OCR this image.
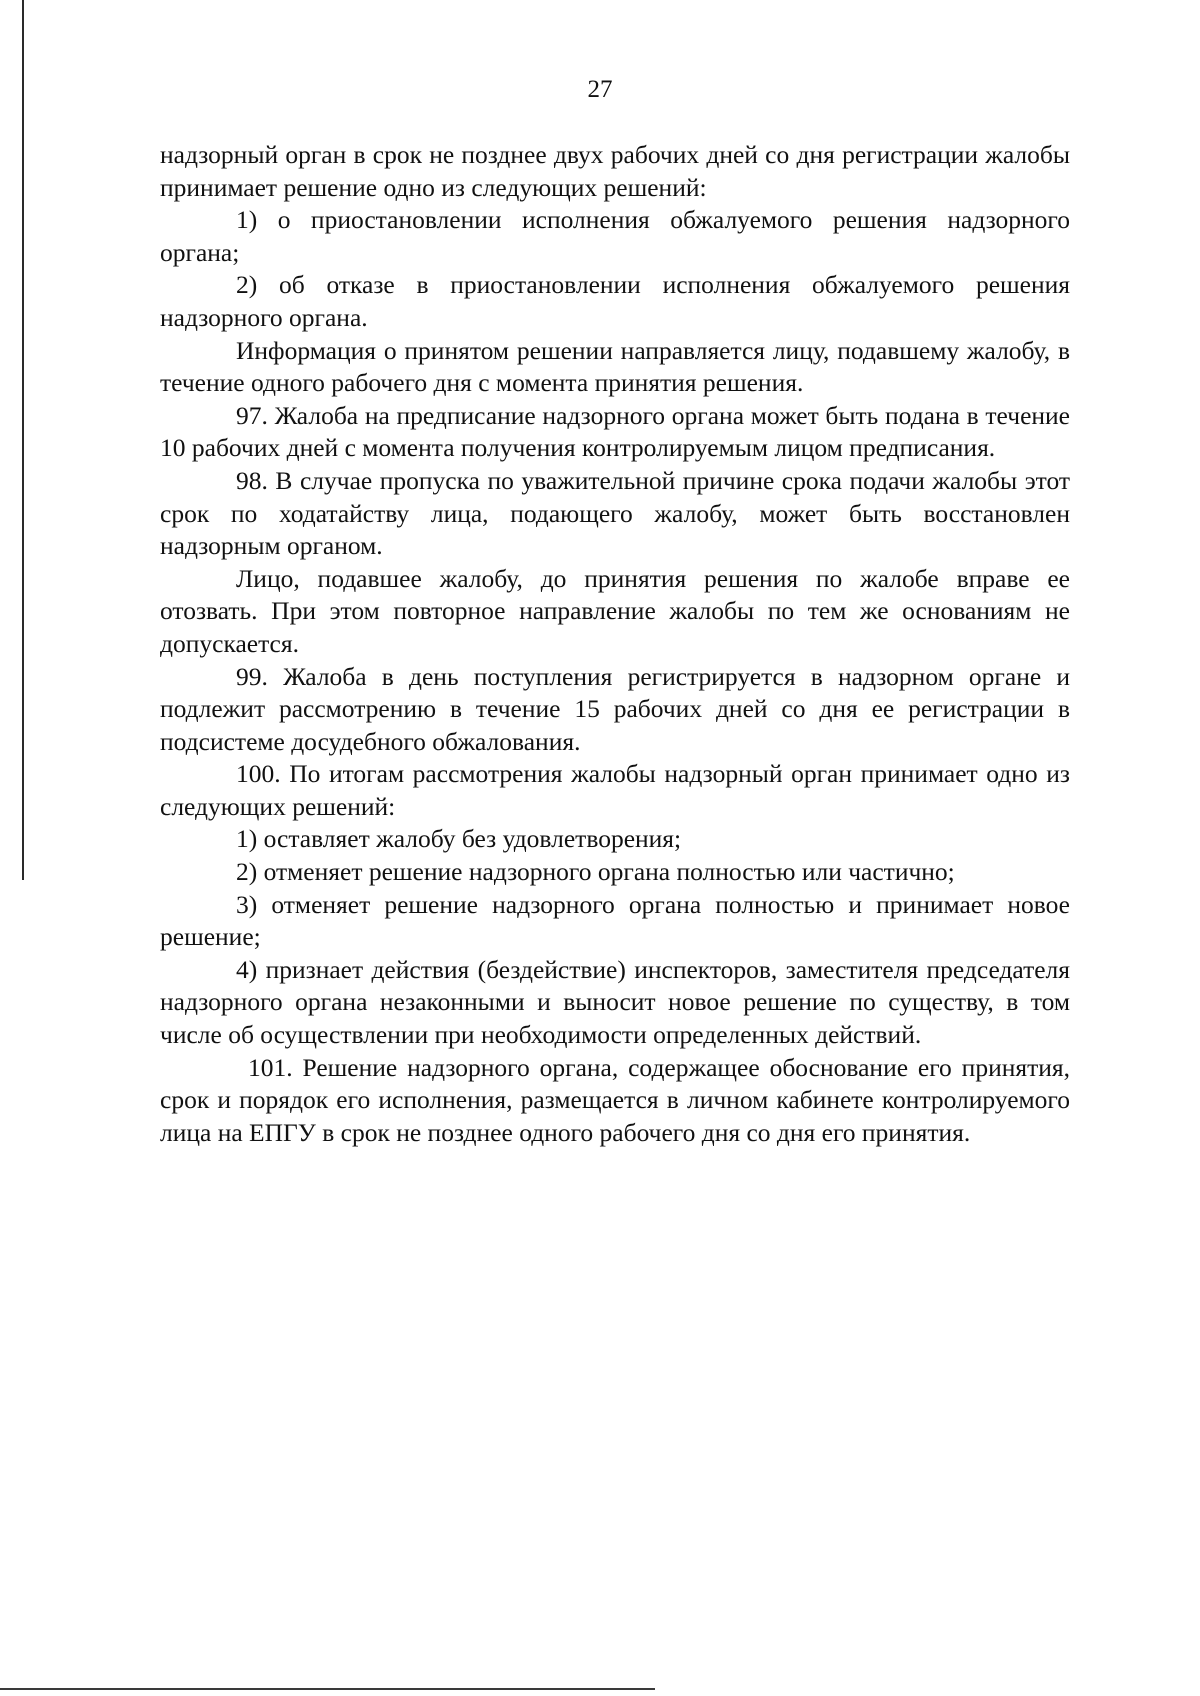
27

надзорный орган в срок не позднее двух рабочих дней со дня регистрации жалобы принимает решение одно из следующих решений:

1) о приостановлении исполнения обжалуемого решения надзорного органа;

2) об отказе в приостановлении исполнения обжалуемого решения надзорного органа.

Информация о принятом решении направляется лицу, подавшему жалобу, в течение одного рабочего дня с момента принятия решения.

97. Жалоба на предписание надзорного органа может быть подана в течение 10 рабочих дней с момента получения контролируемым лицом предписания.

98. В случае пропуска по уважительной причине срока подачи жалобы этот срок по ходатайству лица, подающего жалобу, может быть восстановлен надзорным органом.

Лицо, подавшее жалобу, до принятия решения по жалобе вправе ее отозвать. При этом повторное направление жалобы по тем же основаниям не допускается.

99. Жалоба в день поступления регистрируется в надзорном органе и подлежит рассмотрению в течение 15 рабочих дней со дня ее регистрации в подсистеме досудебного обжалования.

100. По итогам рассмотрения жалобы надзорный орган принимает одно из следующих решений:

1) оставляет жалобу без удовлетворения;

2) отменяет решение надзорного органа полностью или частично;

3) отменяет решение надзорного органа полностью и принимает новое решение;

4) признает действия (бездействие) инспекторов, заместителя председателя надзорного органа незаконными и выносит новое решение по существу, в том числе об осуществлении при необходимости определенных действий.

101. Решение надзорного органа, содержащее обоснование его принятия, срок и порядок его исполнения, размещается в личном кабинете контролируемого лица на ЕПГУ в срок не позднее одного рабочего дня со дня его принятия.
